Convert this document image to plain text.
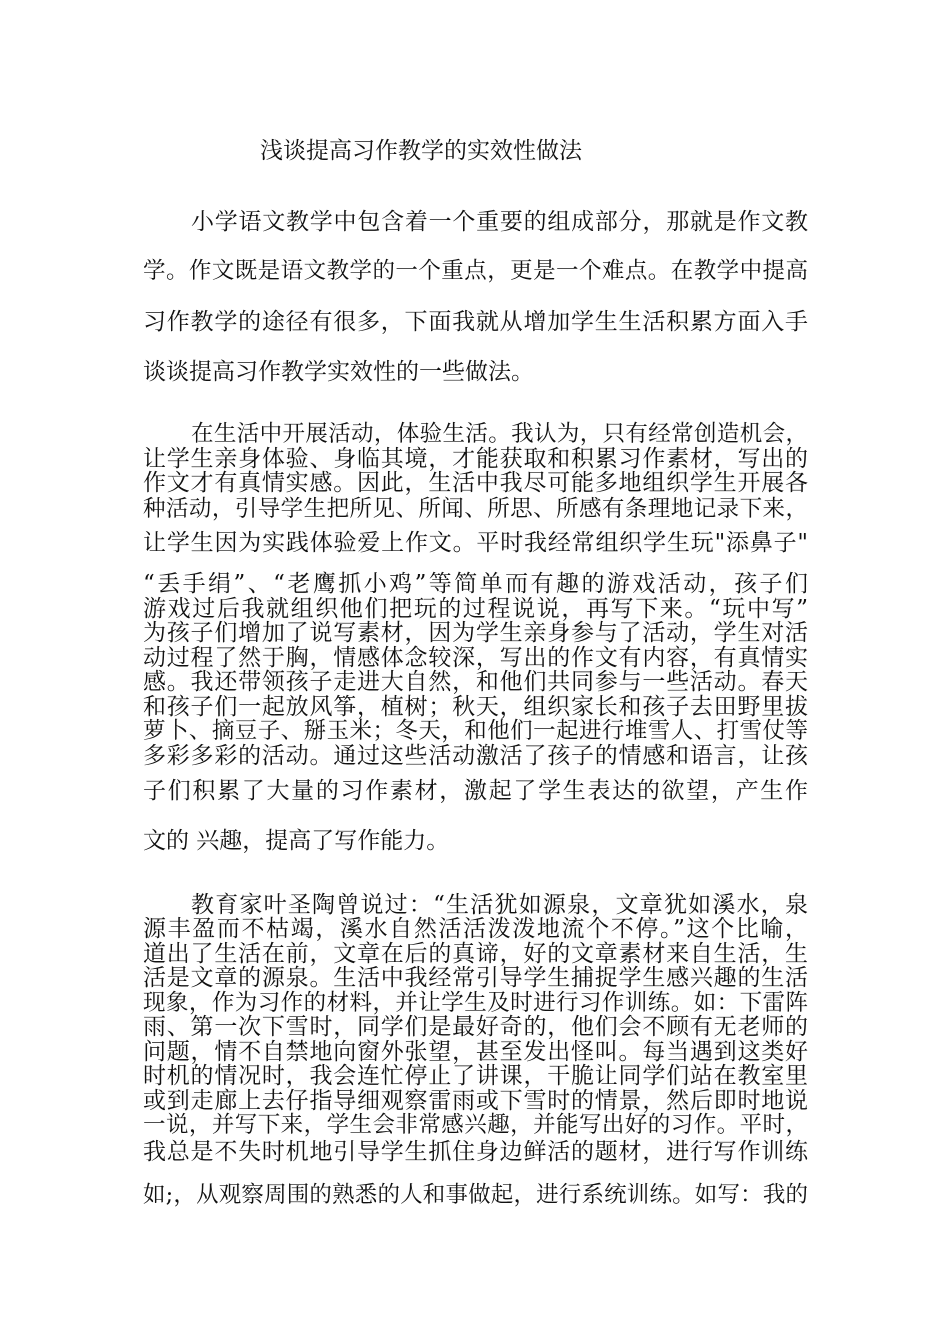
浅谈提高习作教学的实效性做法
小学语文教学中包含着一个重要的组成部分，那就是作文教
学。作文既是语文教学的一个重点，更是一个难点。在教学中提高
习作教学的途径有很多，下面我就从增加学生生活积累方面入手
谈谈提高习作教学实效性的一些做法。
在生活中开展活动，体验生活。我认为，只有经常创造机会，
让学生亲身体验、身临其境，才能获取和积累习作素材，写出的
作文才有真情实感。因此，生活中我尽可能多地组织学生开展各
种活动，引导学生把所见、所闻、所思、所感有条理地记录下来，
让学生因为实践体验爱上作文。平时我经常组织学生玩"添鼻子"
“丢手绢”、“老鹰抓小鸡”等简单而有趣的游戏活动，孩子们
游戏过后我就组织他们把玩的过程说说，再写下来。“玩中写”
为孩子们增加了说写素材，因为学生亲身参与了活动，学生对活
动过程了然于胸，情感体念较深，写出的作文有内容，有真情实
感。我还带领孩子走进大自然，和他们共同参与一些活动。春天
和孩子们一起放风筝，植树；秋天，组织家长和孩子去田野里拔
萝卜、摘豆子、掰玉米；冬天，和他们一起进行堆雪人、打雪仗等
多彩多彩的活动。通过这些活动激活了孩子的情感和语言，让孩
子们积累了大量的习作素材，激起了学生表达的欲望，产生作
文的 兴趣，提高了写作能力。
教育家叶圣陶曾说过：“生活犹如源泉，文章犹如溪水，泉
源丰盈而不枯竭，溪水自然活活泼泼地流个不停。”这个比喻，
道出了生活在前，文章在后的真谛，好的文章素材来自生活，生
活是文章的源泉。生活中我经常引导学生捕捉学生感兴趣的生活
现象，作为习作的材料，并让学生及时进行习作训练。如：下雷阵
雨、第一次下雪时，同学们是最好奇的，他们会不顾有无老师的
问题，情不自禁地向窗外张望，甚至发出怪叫。每当遇到这类好
时机的情况时，我会连忙停止了讲课，干脆让同学们站在教室里
或到走廊上去仔指导细观察雷雨或下雪时的情景，然后即时地说
一说，并写下来，学生会非常感兴趣，并能写出好的习作。平时，
我总是不失时机地引导学生抓住身边鲜活的题材，进行写作训练
如;，从观察周围的熟悉的人和事做起，进行系统训练。如写：我的
